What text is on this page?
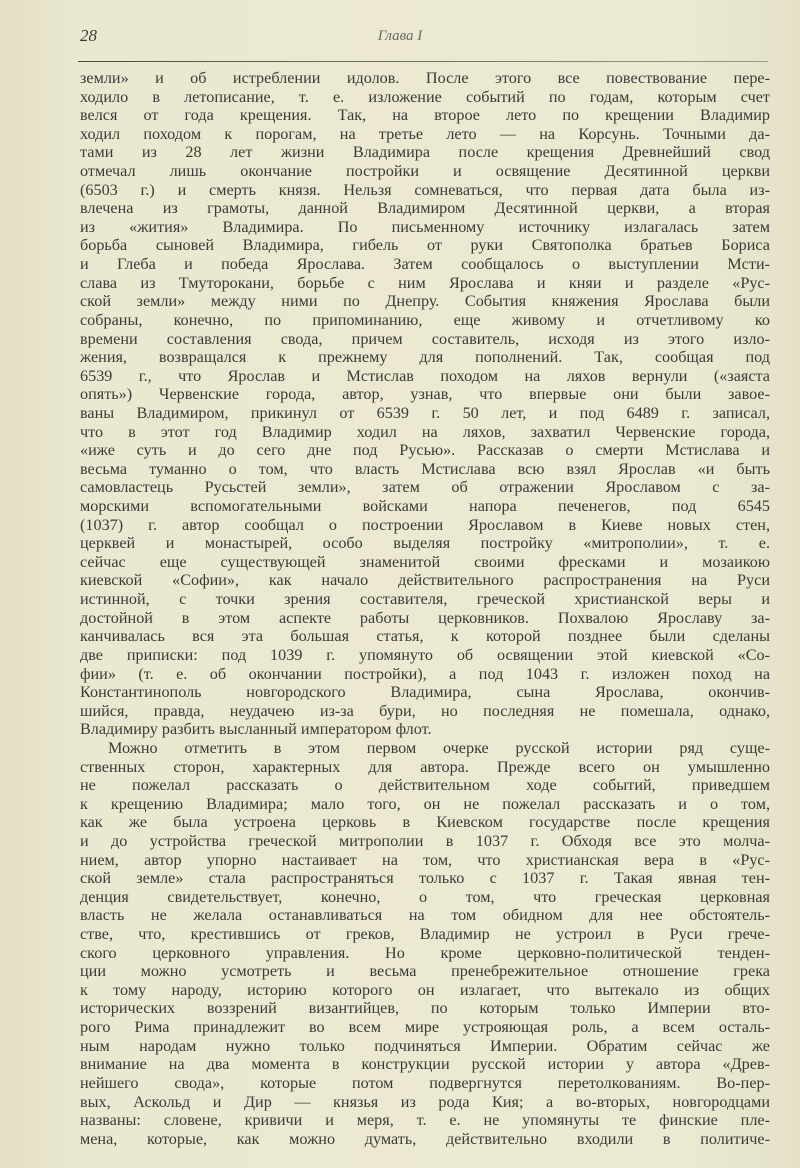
28	Глава I
земли» и об истреблении идолов. После этого все повествование пере-
ходило в летописание, т. е. изложение событий по годам, которым счет
велся от года крещения. Так, на второе лето по крещении Владимир
ходил походом к порогам, на третье лето — на Корсунь. Точными да-
тами из 28 лет жизни Владимира после крещения Древнейший свод
отмечал лишь окончание постройки и освящение Десятинной церкви
(6503 г.) и смерть князя. Нельзя сомневаться, что первая дата была из-
влечена из грамоты, данной Владимиром Десятинной церкви, а вторая
из «жития» Владимира. По письменному источнику излагалась затем
борьба сыновей Владимира, гибель от руки Святополка братьев Бориса
и Глеба и победа Ярослава. Затем сообщалось о выступлении Мсти-
слава из Тмуторокани, борьбе с ним Ярослава и княи и разделе «Рус-
ской земли» между ними по Днепру. События княжения Ярослава были
собраны, конечно, по припоминанию, еще живому и отчетливому ко
времени составления свода, причем составитель, исходя из этого изло-
жения, возвращался к прежнему для пополнений. Так, сообщая под
6539 г., что Ярослав и Мстислав походом на ляхов вернули («заяста
опять») Червенские города, автор, узнав, что впервые они были завое-
ваны Владимиром, прикинул от 6539 г. 50 лет, и под 6489 г. записал,
что в этот год Владимир ходил на ляхов, захватил Червенские города,
«иже суть и до сего дне под Русью». Рассказав о смерти Мстислава и
весьма туманно о том, что власть Мстислава всю взял Ярослав «и быть
самовластець Русьстей земли», затем об отражении Ярославом с за-
морскими вспомогательными войсками напора печенегов, под 6545
(1037) г. автор сообщал о построении Ярославом в Киеве новых стен,
церквей и монастырей, особо выделяя постройку «митрополии», т. е.
сейчас еще существующей знаменитой своими фресками и мозаикою
киевской «Софии», как начало действительного распространения на Руси
истинной, с точки зрения составителя, греческой христианской веры и
достойной в этом аспекте работы церковников. Похвалою Ярославу за-
канчивалась вся эта большая статья, к которой позднее были сделаны
две приписки: под 1039 г. упомянуто об освящении этой киевской «Со-
фии» (т. е. об окончании постройки), а под 1043 г. изложен поход на
Константинополь новгородского Владимира, сына Ярослава, окончив-
шийся, правда, неудачею из-за бури, но последняя не помешала, однако,
Владимиру разбить высланный императором флот.
Можно отметить в этом первом очерке русской истории ряд суще-
ственных сторон, характерных для автора. Прежде всего он умышленно
не пожелал рассказать о действительном ходе событий, приведшем
к крещению Владимира; мало того, он не пожелал рассказать и о том,
как же была устроена церковь в Киевском государстве после крещения
и до устройства греческой митрополии в 1037 г. Обходя все это молча-
нием, автор упорно настаивает на том, что христианская вера в «Рус-
ской земле» стала распространяться только с 1037 г. Такая явная тен-
денция свидетельствует, конечно, о том, что греческая церковная
власть не желала останавливаться на том обидном для нее обстоятель-
стве, что, крестившись от греков, Владимир не устроил в Руси грече-
ского церковного управления. Но кроме церковно-политической тенден-
ции можно усмотреть и весьма пренебрежительное отношение грека
к тому народу, историю которого он излагает, что вытекало из общих
исторических воззрений византийцев, по которым только Империи вто-
рого Рима принадлежит во всем мире устрояющая роль, а всем осталь-
ным народам нужно только подчиняться Империи. Обратим сейчас же
внимание на два момента в конструкции русской истории у автора «Древ-
нейшего свода», которые потом подвергнутся перетолкованиям. Во-пер-
вых, Аскольд и Дир — князья из рода Кия; а во-вторых, новгородцами
названы: словене, кривичи и меря, т. е. не упомянуты те финские пле-
мена, которые, как можно думать, действительно входили в политиче-
